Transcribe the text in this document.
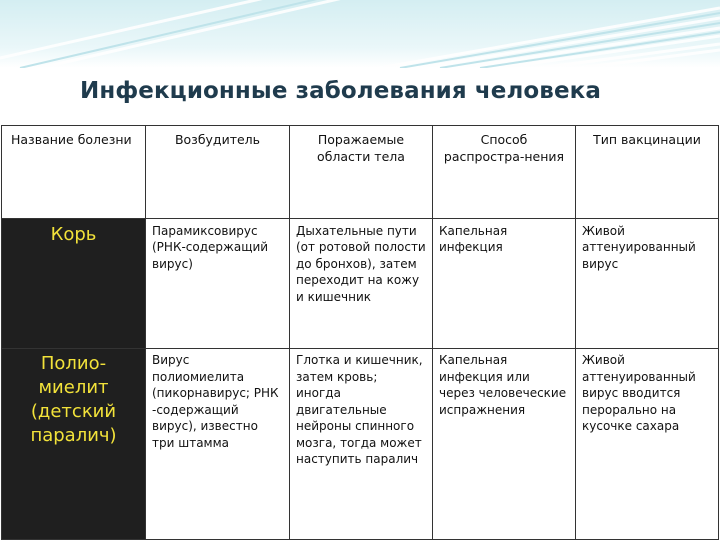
Инфекционные заболевания человека
Название болезни	Возбудитель	Поражаемые области тела	Способ распростра-нения	Тип вакцинации
Корь	Парамиксовирус (РНК-содержащий вирус)	Дыхательные пути (от ротовой полости до бронхов), затем переходит на кожу и кишечник	Капельная инфекция	Живой аттенуированный вирус
Полио-миелит (детский паралич)	Вирус полиомиелита (пикорнавирус; РНК -содержащий вирус), известно три штамма	Глотка и кишечник, затем кровь; иногда двигательные нейроны спинного мозга, тогда может наступить паралич	Капельная инфекция или через человеческие испражнения	Живой аттенуированный вирус вводится перорально на кусочке сахара
